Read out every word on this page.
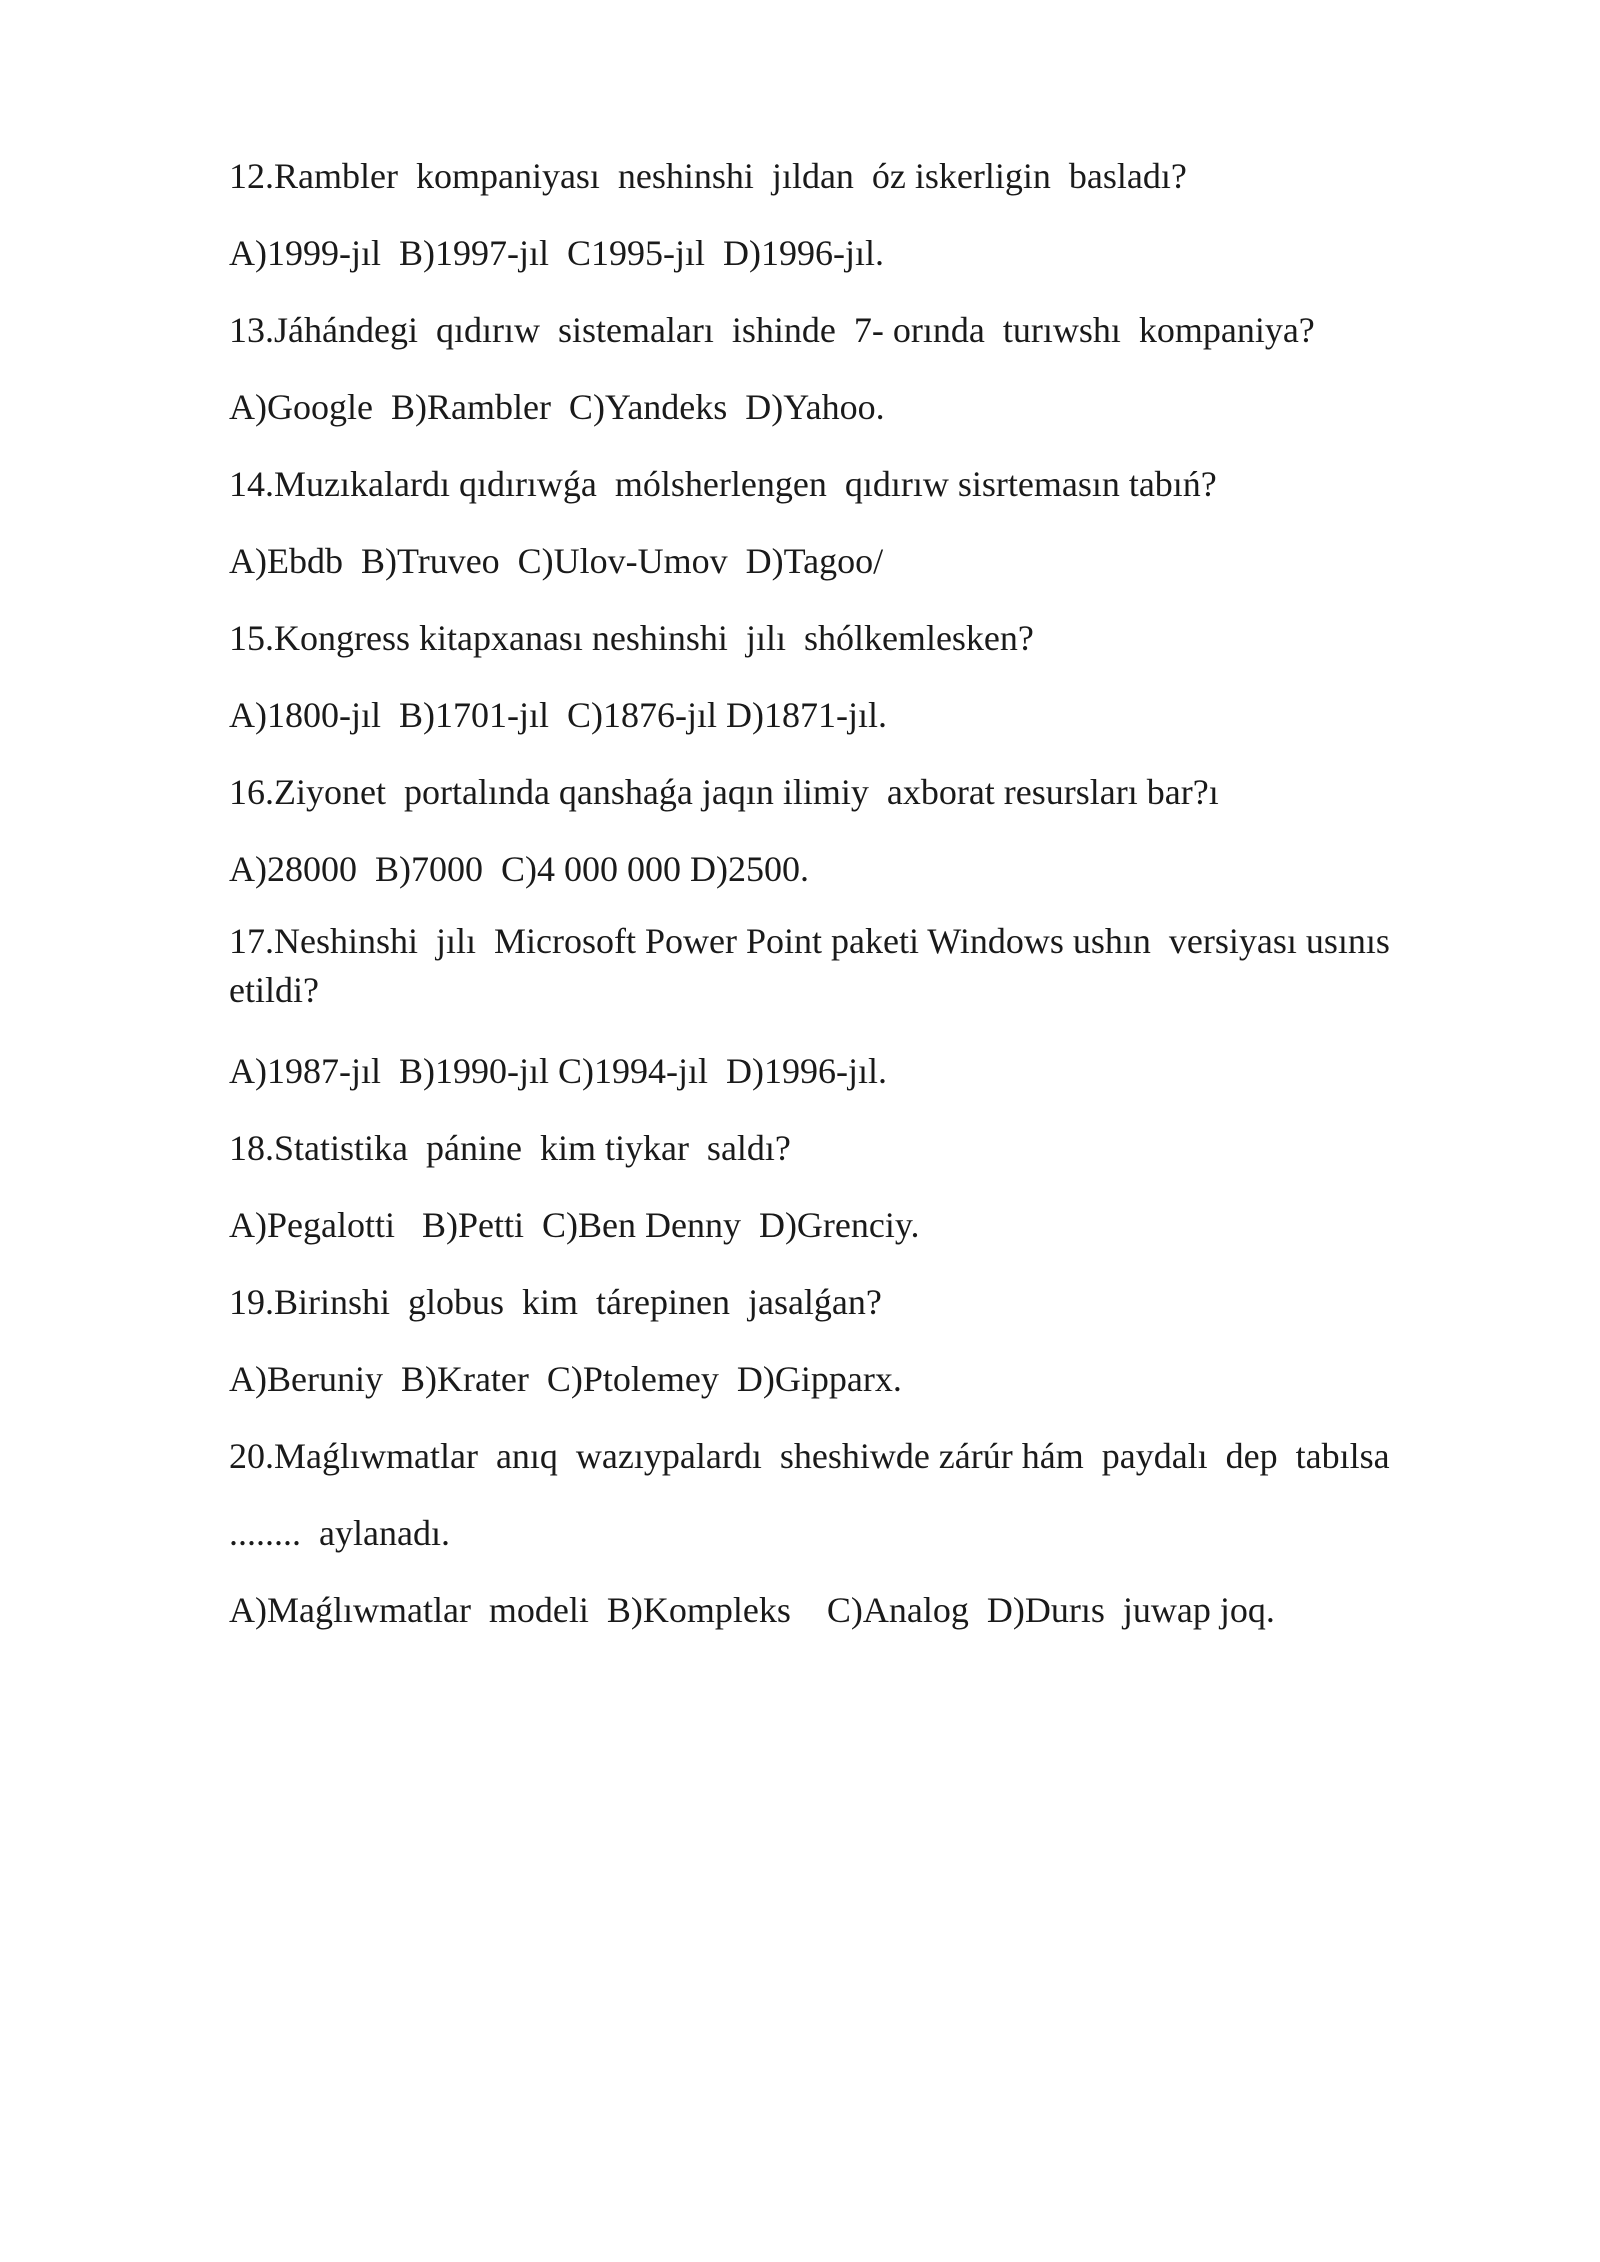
12.Rambler  kompaniyası  neshinshi  jıldan  óz iskerligin  basladı?
A)1999-jıl  B)1997-jıl  C1995-jıl  D)1996-jıl.
13.Jáhándegi  qıdırıw  sistemaları  ishinde  7- orında  turıwshı  kompaniya?
A)Google  B)Rambler  C)Yandeks  D)Yahoo.
14.Muzıkalardı qıdırıwǵa  mólsherlengen  qıdırıw sisrtemasın tabıń?
A)Ebdb  B)Truveo  C)Ulov-Umov  D)Tagoo/
15.Kongress kitapxanası neshinshi  jılı  shólkemlesken?
A)1800-jıl  B)1701-jıl  C)1876-jıl D)1871-jıl.
16.Ziyonet  portalında qanshaǵa jaqın ilimiy  axborat resursları bar?ı
A)28000  B)7000  C)4 000 000 D)2500.
17.Neshinshi  jılı  Microsoft Power Point paketi Windows ushın  versiyası usınıs etildi?
A)1987-jıl  B)1990-jıl C)1994-jıl  D)1996-jıl.
18.Statistika  pánine  kim tiykar  saldı?
A)Pegalotti   B)Petti  C)Ben Denny  D)Grenciy.
19.Birinshi  globus  kim  tárepinen  jasalǵan?
A)Beruniy  B)Krater  C)Ptolemey  D)Gipparx.
20.Maǵlıwmatlar  anıq  wazıypalardı  sheshiwde zárúr hám  paydalı  dep  tabılsa
........  aylanadı.
A)Maǵlıwmatlar  modeli  B)Kompleks    C)Analog  D)Durıs  juwap joq.
